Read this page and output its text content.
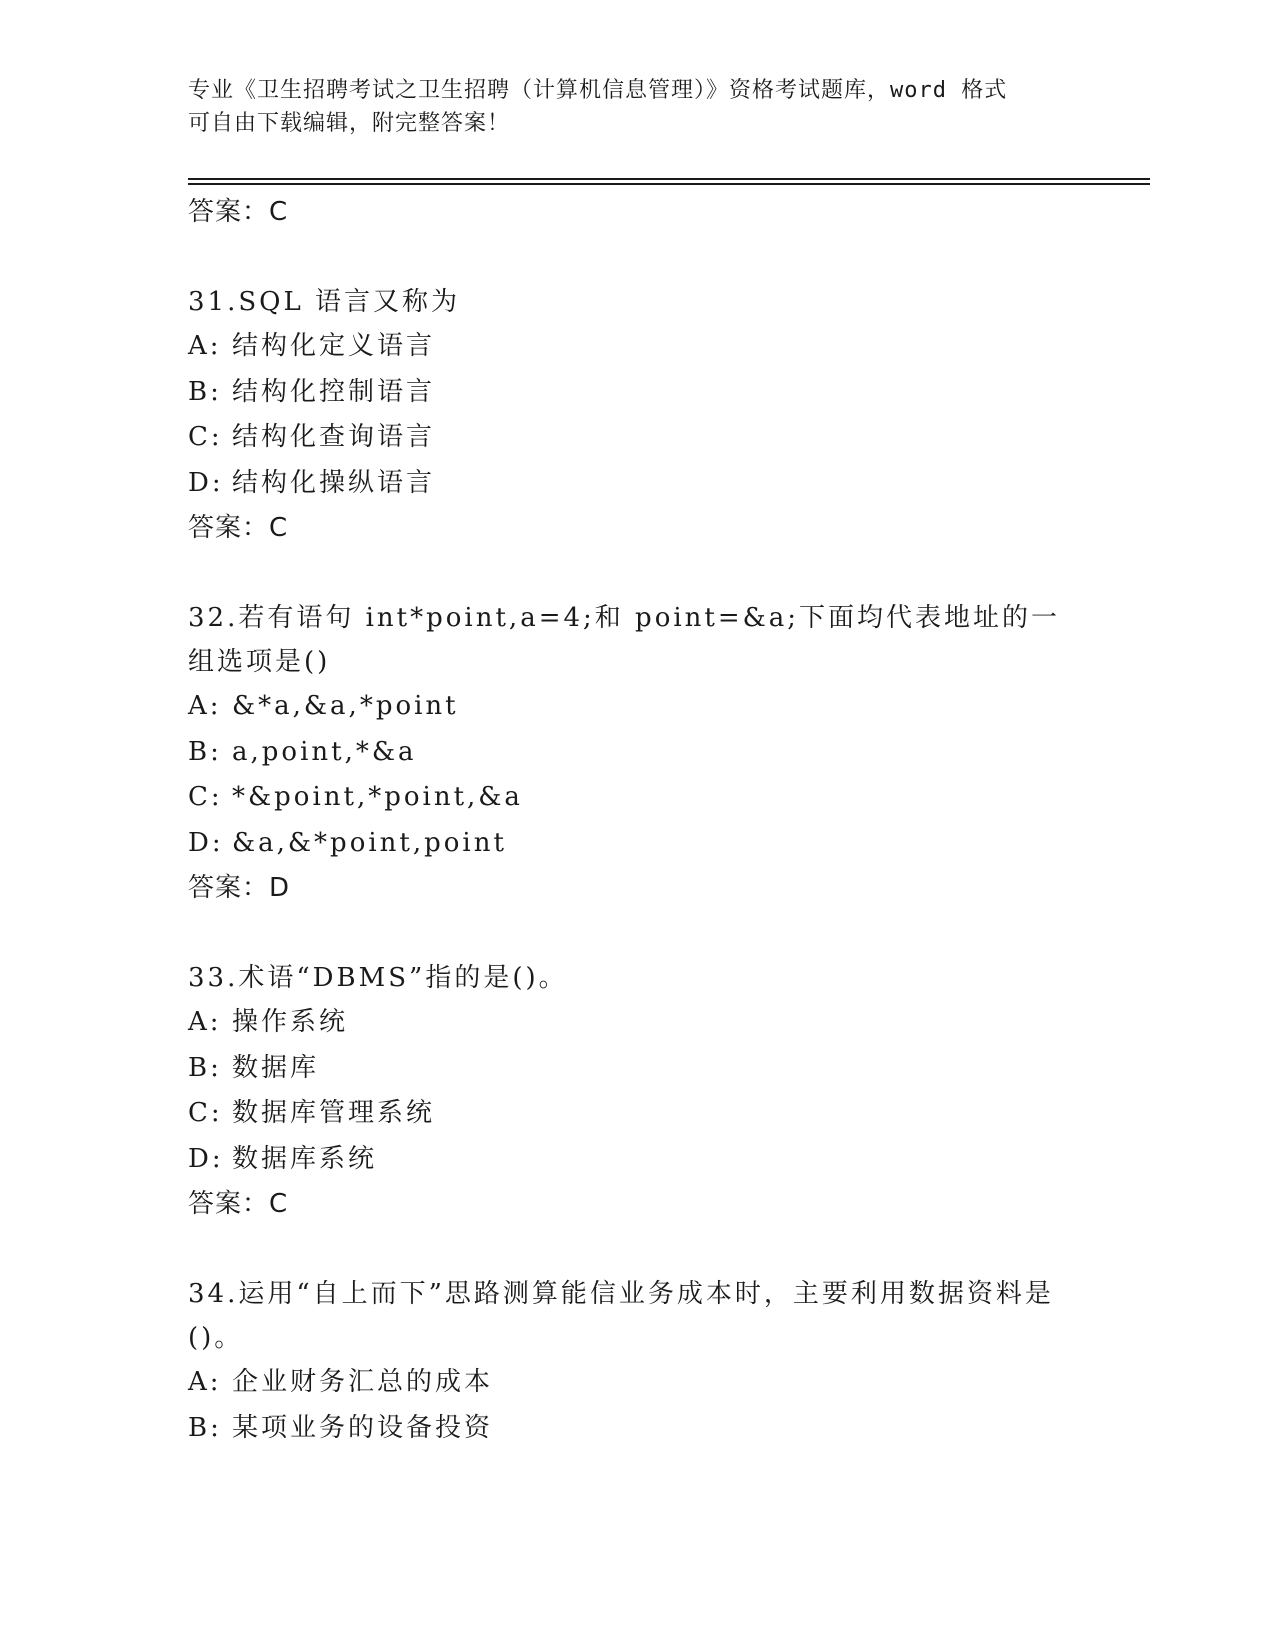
专业《卫生招聘考试之卫生招聘（计算机信息管理）》资格考试题库，word 格式
可自由下载编辑，附完整答案！
答案：C
31.SQL 语言又称为
A: 结构化定义语言
B: 结构化控制语言
C: 结构化查询语言
D: 结构化操纵语言
答案：C
32.若有语句 int*point,a=4;和 point=&a;下面均代表地址的一组选项是()
A: &*a,&a,*point
B: a,point,*&a
C: *&point,*point,&a
D: &a,&*point,point
答案：D
33.术语“DBMS”指的是()。
A: 操作系统
B: 数据库
C: 数据库管理系统
D: 数据库系统
答案：C
34.运用“自上而下”思路测算能信业务成本时，主要利用数据资料是()。
A: 企业财务汇总的成本
B: 某项业务的设备投资
